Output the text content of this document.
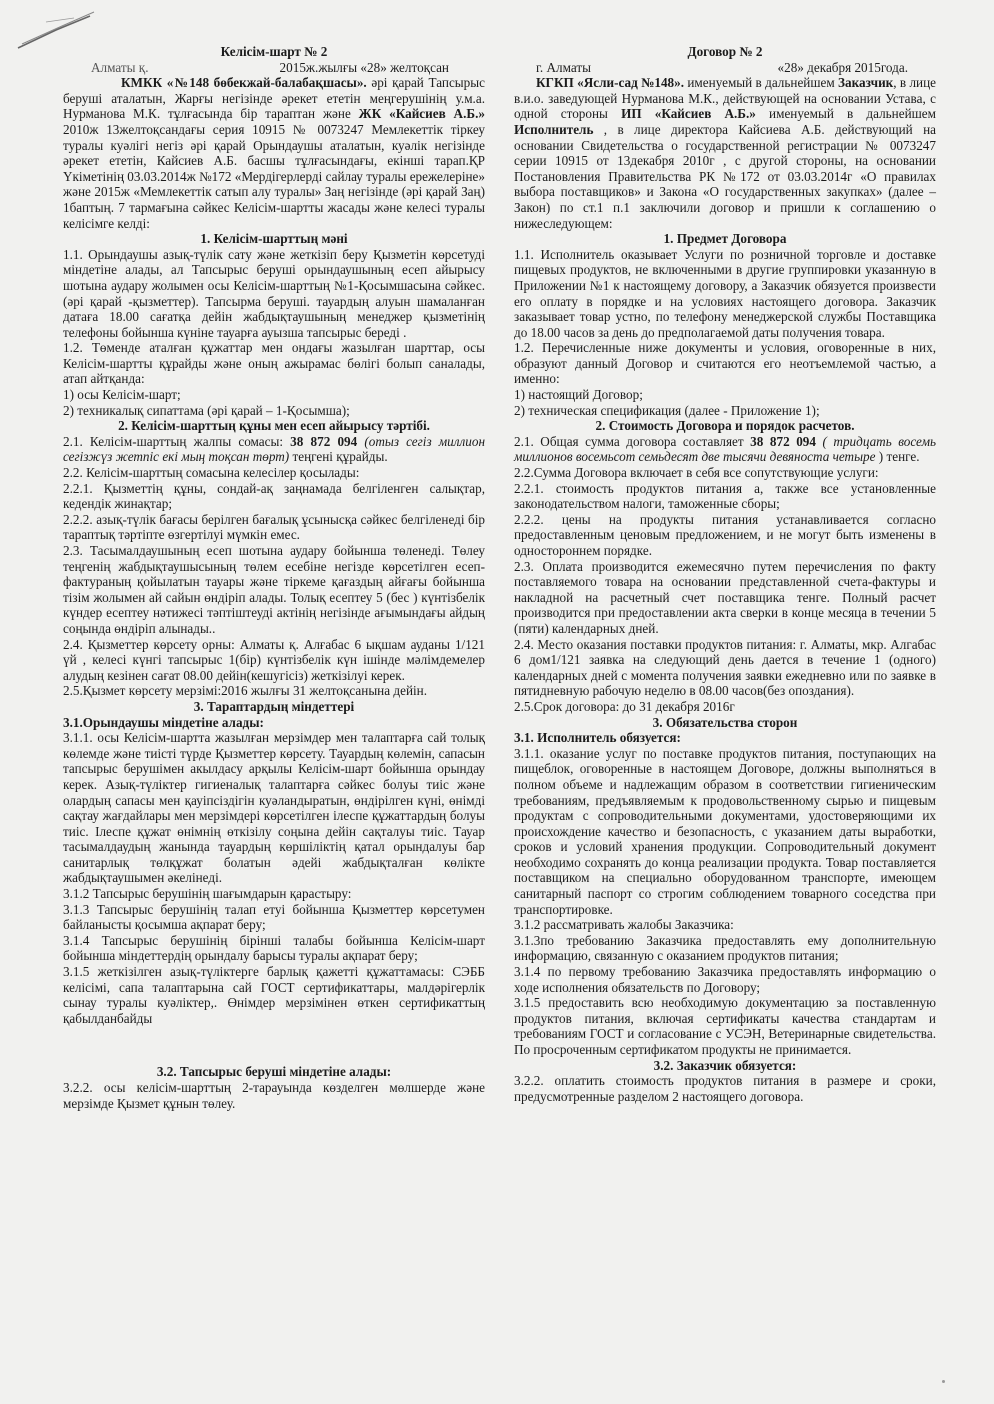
Келісім-шарт № 2

Алматы қ.	2015ж.жылғы «28» желтоқсан

КМКК «№148 бөбекжай-балабақшасы». әрі қарай Тапсырыс беруші аталатын, Жарғы негізінде әрекет ететін меңгерушінің у.м.а. Нурманова М.К. тұлғасында бір тараптан және ЖК «Кайсиев А.Б.» 2010ж 13желтоқсандағы серия 10915 № 0073247 Мемлекеттік тіркеу туралы куәлігі негіз әрі қарай Орындаушы аталатын, куәлік негізінде әрекет ететін, Кайсиев А.Б. басшы тұлғасындағы, екінші тарап.ҚР Үкіметінің 03.03.2014ж №172 «Мердігерлерді сайлау туралы ережелеріне» және 2015ж «Мемлекеттік сатып алу туралы» Заң негізінде (әрі қарай Заң) 1баптың. 7 тармағына сәйкес Келісім-шартты жасады және келесі туралы келісімге келді:

1. Келісім-шарттың мәні

1.1. Орындаушы азық-түлік сату және жеткізіп беру Қызметін көрсетуді міндетіне алады, ал Тапсырыс беруші орындаушының есеп айырысу шотына аудару жолымен осы Келісім-шарттың №1-Қосымшасына сәйкес. (әрі қарай -қызметтер). Тапсырма беруші. тауардың алуын шамаланған датаға 18.00 сағатқа дейін жабдықтаушының менеджер қызметінің телефоны бойынша күніне тауарға ауызша тапсырыс береді .

1.2. Төменде аталған құжаттар мен ондағы жазылған шарттар, осы Келісім-шартты құрайды және оның ажырамас бөлігі болып саналады, атап айтқанда:

1) осы Келісім-шарт;

2) техникалық сипаттама (әрі қарай – 1-Қосымша);

2. Келісім-шарттың құны мен есеп айырысу тәртібі.

2.1. Келісім-шарттың жалпы сомасы: 38 872 094 (отыз сегіз миллион сегізжүз жетпіс екі мың тоқсан төрт) теңгені құрайды.

2.2. Келісім-шарттың сомасына келесілер қосылады:

2.2.1. Қызметтің құны, сондай-ақ заңнамада белгіленген салықтар, кедендік жинақтар;

2.2.2. азық-түлік бағасы берілген бағалық ұсынысқа сәйкес белгіленеді бір тараптық тәртіпте өзгертілуі мүмкін емес.

2.3. Тасымалдаушының есеп шотына аудару бойынша төленеді. Төлеу теңгенің жабдықтаушысының төлем есебіне негізде көрсетілген есеп-фактураның қойылатын тауары және тіркеме қағаздың айғағы бойынша тізім жолымен ай сайын өндіріп алады. Толық есептеу 5 (бес ) күнтізбелік күндер есептеу нәтижесі тәптіштеуді актінің негізінде ағымындағы айдың соңында өндіріп алынады..

2.4. Қызметтер көрсету орны: Алматы қ. Алғабас 6 ықшам ауданы 1/121 үй , келесі күнгі тапсырыс 1(бір) күнтізбелік күн ішінде мәлімдемелер алудың кезінен сағат 08.00 дейін(кешугісіз) жеткізілуі керек.

2.5.Қызмет көрсету мерзімі:2016 жылғы 31 желтоқсанына дейін.

3. Тараптардың міндеттері

3.1.Орындаушы міндетіне алады:

3.1.1. осы Келісім-шартта жазылған мерзімдер мен талаптарға сай толық көлемде және тиісті түрде Қызметтер көрсету. Тауардың көлемін, сапасын тапсырыс берушімен акылдасу арқылы Келісім-шарт бойынша орындау керек. Азық-түліктер гигиеналық талаптарға сәйкес болуы тиіс және олардың сапасы мен қауіпсіздігін куәландыратын, өндірілген күні, өнімді сақтау жағдайлары мен мерзімдері көрсетілген ілеспе құжаттардың болуы тиіс. Ілеспе құжат өнімнің өткізілу соңына дейін сақталуы тиіс. Тауар тасымалдаудың жанында тауардың көршіліктің қатал орындалуы бар санитарлық төлқұжат болатын әдейі жабдықталған көлікте жабдықтаушымен әкелінеді.

3.1.2 Тапсырыс берушінің шағымдарын қарастыру:

3.1.3 Тапсырыс берушінің талап етуі бойынша Қызметтер көрсетумен байланысты қосымша ақпарат беру;

3.1.4 Тапсырыс берушінің бірінші талабы бойынша Келісім-шарт бойынша міндеттердің орындалу барысы туралы ақпарат беру;

3.1.5 жеткізілген азық-түліктерге барлық қажетті құжаттамасы: СЭББ келісімі, сапа талаптарына сай ГОСТ сертификаттары, малдәрігерлік сынау туралы куәліктер,. Өнімдер мерзімінен өткен сертификаттың қабылданбайды

3.2. Тапсырыс беруші міндетіне алады:

3.2.2. осы келісім-шарттың 2-тарауында көзделген мөлшерде және мерзімде Қызмет құнын төлеу.

Договор № 2

г. Алматы	«28» декабря 2015года.

КГКП «Ясли-сад №148». именуемый в дальнейшем Заказчик, в лице в.и.о. заведующей Нурманова М.К., действующей на основании Устава, с одной стороны ИП «Кайсиев А.Б.» именуемый в дальнейшем Исполнитель , в лице директора Кайсиева А.Б. действующий на основании Свидетельства о государственной регистрации № 0073247 серии 10915 от 13декабря 2010г , с другой стороны, на основании Постановления Правительства РК №172 от 03.03.2014г «О правилах выбора поставщиков» и Закона «О государственных закупках» (далее – Закон) по ст.1 п.1 заключили договор и пришли к соглашению о нижеследующем:

1. Предмет Договора

1.1. Исполнитель оказывает Услуги по розничной торговле и доставке пищевых продуктов, не включенными в другие группировки указанную в Приложении №1 к настоящему договору, а Заказчик обязуется произвести его оплату в порядке и на условиях настоящего договора. Заказчик заказывает товар устно, по телефону менеджерской службы Поставщика до 18.00 часов за день до предполагаемой даты получения товара.

1.2. Перечисленные ниже документы и условия, оговоренные в них, образуют данный Договор и считаются его неотъемлемой частью, а именно:

1) настоящий Договор;

2) техническая спецификация (далее - Приложение 1);

2. Стоимость Договора и порядок расчетов.

2.1. Общая сумма договора составляет 38 872 094 ( тридцать восемь миллионов восемьсот семьдесят две тысячи девяноста четыре ) тенге.

2.2.Сумма Договора включает в себя все сопутствующие услуги:

2.2.1. стоимость продуктов питания а, также все установленные законодательством налоги, таможенные сборы;

2.2.2. цены на продукты питания устанавливается согласно предоставленным ценовым предложением, и не могут быть изменены в одностороннем порядке.

2.3. Оплата производится ежемесячно путем перечисления по факту поставляемого товара на основании представленной счета-фактуры и накладной на расчетный счет поставщика тенге. Полный расчет производится при предоставлении акта сверки в конце месяца в течении 5 (пяти) календарных дней.

2.4. Место оказания поставки продуктов питания: г. Алматы, мкр. Алгабас 6 дом1/121 заявка на следующий день дается в течение 1 (одного) календарных дней с момента получения заявки ежедневно или по заявке в пятидневную рабочую неделю в 08.00 часов(без опоздания).

2.5.Срок договора: до 31 декабря 2016г

3. Обязательства сторон

3.1. Исполнитель обязуется:

3.1.1. оказание услуг по поставке продуктов питания, поступающих на пищеблок, оговоренные в настоящем Договоре, должны выполняться в полном объеме и надлежащим образом в соответствии гигиеническим требованиям, предъявляемым к продовольственному сырью и пищевым продуктам с сопроводительными документами, удостоверяющими их происхождение качество и безопасность, с указанием даты выработки, сроков и условий хранения продукции. Сопроводительный документ необходимо сохранять до конца реализации продукта. Товар поставляется поставщиком на специально оборудованном транспорте, имеющем санитарный паспорт со строгим соблюдением товарного соседства при транспортировке.

3.1.2 рассматривать жалобы Заказчика:

3.1.3по требованию Заказчика предоставлять ему дополнительную информацию, связанную с оказанием продуктов питания;

3.1.4 по первому требованию Заказчика предоставлять информацию о ходе исполнения обязательств по Договору;

3.1.5 предоставить всю необходимую документацию за поставленную продуктов питания, включая сертификаты качества стандартам и требованиям ГОСТ и согласование с УСЭН, Ветеринарные свидетельства. По просроченным сертификатом продукты не принимается.

3.2. Заказчик обязуется:

3.2.2. оплатить стоимость продуктов питания в размере и сроки, предусмотренные разделом 2 настоящего договора.
